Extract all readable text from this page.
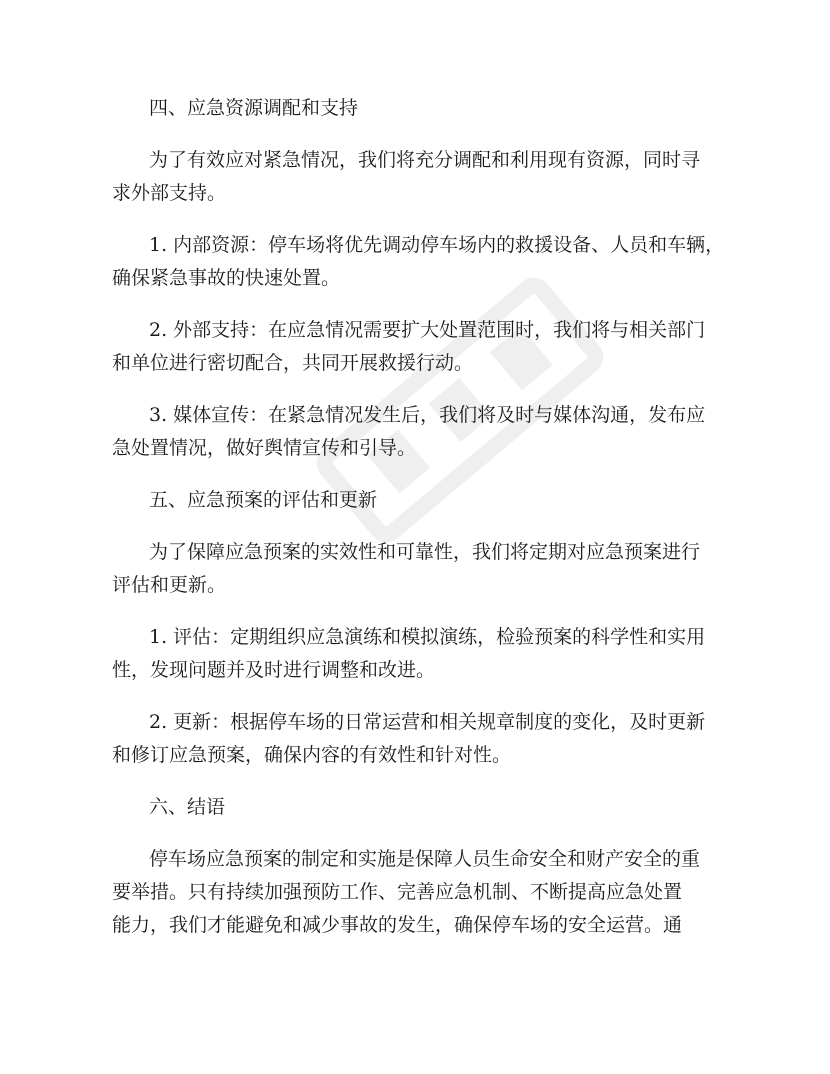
四、应急资源调配和支持
为了有效应对紧急情况，我们将充分调配和利用现有资源，同时寻
求外部支持。
1. 内部资源：停车场将优先调动停车场内的救援设备、人员和车辆，
确保紧急事故的快速处置。
2. 外部支持：在应急情况需要扩大处置范围时，我们将与相关部门
和单位进行密切配合，共同开展救援行动。
3. 媒体宣传：在紧急情况发生后，我们将及时与媒体沟通，发布应
急处置情况，做好舆情宣传和引导。
五、应急预案的评估和更新
为了保障应急预案的实效性和可靠性，我们将定期对应急预案进行
评估和更新。
1. 评估：定期组织应急演练和模拟演练，检验预案的科学性和实用
性，发现问题并及时进行调整和改进。
2. 更新：根据停车场的日常运营和相关规章制度的变化，及时更新
和修订应急预案，确保内容的有效性和针对性。
六、结语
停车场应急预案的制定和实施是保障人员生命安全和财产安全的重
要举措。只有持续加强预防工作、完善应急机制、不断提高应急处置
能力，我们才能避免和减少事故的发生，确保停车场的安全运营。通
